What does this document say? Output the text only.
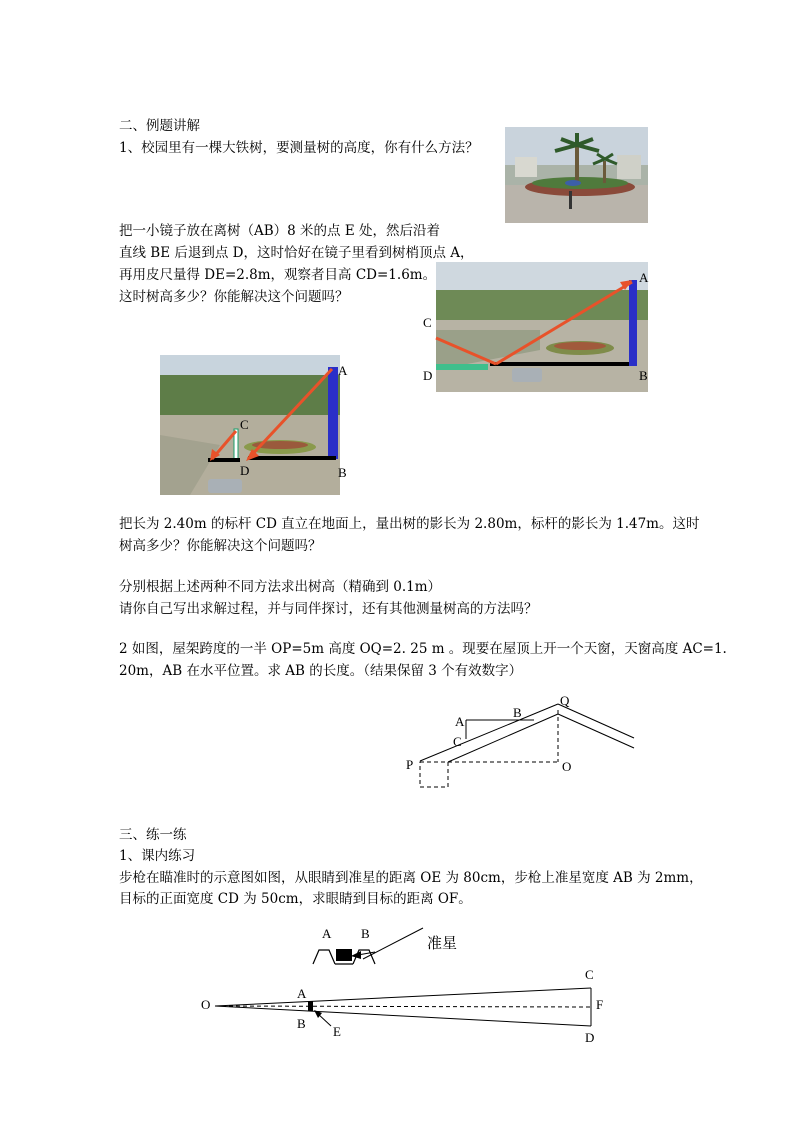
二、例题讲解
1、校园里有一棵大铁树，要测量树的高度，你有什么方法？
把一小镜子放在离树（AB）8 米的点 E 处，然后沿着
直线 BE 后退到点 D，这时恰好在镜子里看到树梢顶点 A，
再用皮尺量得 DE=2.8m，观察者目高 CD=1.6m。
这时树高多少？你能解决这个问题吗？
A
B
C
D
A
B
C
D
把长为 2.40m 的标杆 CD 直立在地面上，量出树的影长为 2.80m，标杆的影长为 1.47m。这时
树高多少？你能解决这个问题吗？
分别根据上述两种不同方法求出树高（精确到 0.1m）
请你自己写出求解过程，并与同伴探讨，还有其他测量树高的方法吗？
2 如图，屋架跨度的一半 OP=5m 高度 OQ=2. 25 m 。现要在屋顶上开一个天窗，天窗高度 AC=1.
20m，AB 在水平位置。求 AB 的长度。（结果保留 3 个有效数字）
A
B
C
P	O
Q
三、练一练
1、课内练习
步枪在瞄准时的示意图如图，从眼睛到准星的距离 OE 为 80cm，步枪上准星宽度 AB 为 2mm，
目标的正面宽度 CD 为 50cm，求眼睛到目标的距离 OF。
A B
准星
O
A
B
E
C
F
D
